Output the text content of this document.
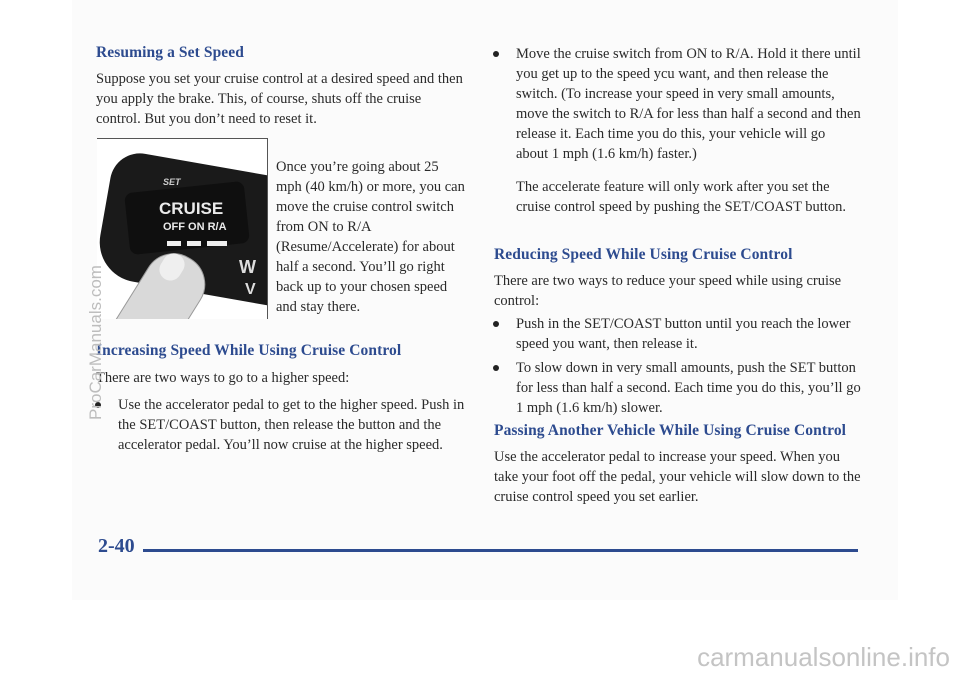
Resuming a Set Speed

Suppose you set your cruise control at a desired speed and then you apply the brake. This, of course, shuts off the cruise control. But you don’t need to reset it.

SET
CRUISE
OFF ON R/A
W
V

Once you’re going about 25 mph (40 km/h) or more, you can move the cruise control switch from ON to R/A (Resume/Accelerate) for about half a second. You’ll go right back up to your chosen speed and stay there.

Increasing Speed While Using Cruise Control

There are two ways to go to a higher speed:

Use the accelerator pedal to get to the higher speed. Push in the SET/COAST button, then release the button and the accelerator pedal. You’ll now cruise at the higher speed.
Move the cruise switch from ON to R/A. Hold it there until you get up to the speed ycu want, and then release the switch. (To increase your speed in very small amounts, move the switch to R/A for less than half a second and then release it. Each time you do this, your vehicle will go about 1 mph (1.6 km/h) faster.)

The accelerate feature will only work after you set the cruise control speed by pushing the SET/COAST button.

Reducing Speed While Using Cruise Control

There are two ways to reduce your speed while using cruise control:

Push in the SET/COAST button until you reach the lower speed you want, then release it.
To slow down in very small amounts, push the SET button for less than half a second. Each time you do this, you’ll go 1 mph (1.6 km/h) slower.
Passing Another Vehicle While Using Cruise Control

Use the accelerator pedal to increase your speed. When you take your foot off the pedal, your vehicle will slow down to the cruise control speed you set earlier.

2-40
ProCarManuals.com
carmanualsonline.info
